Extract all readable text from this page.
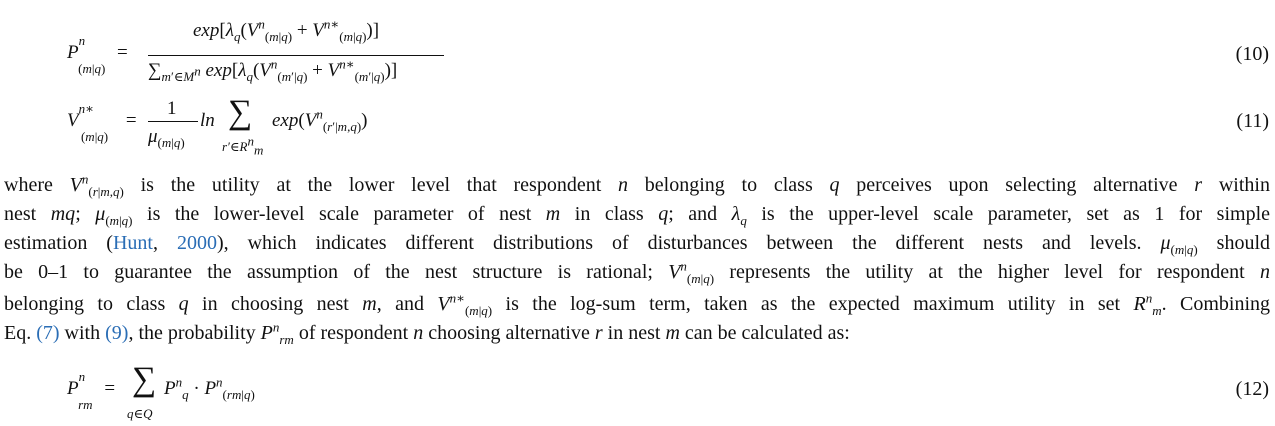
$P^n_{(m|q)}$ =
$\exp[\lambda_q(V^n_{(m|q)} + V^{n∗}_{(m|q)})]$
$\sum_{m'\in M^n}$ $\exp[\lambda_q(V^n_{(m'|q)} + V^{n∗}_{(m'|q)})]$
(10)
$V^{n∗}_{(m|q)}$ =
1
$\mu_{(m|q)}$
ln ∑
$r'\in R^n_m$
$\exp(V^n_{(r'|m,q)})$	(11)
where $V^n_{(r|m,q)}$ is the utility at the lower level that respondent n belonging to class q perceives upon selecting alternative r within
nest mq; $\mu_{(m|q)}$ is the lower-level scale parameter of nest m in class q; and $\lambda_q$ is the upper-level scale parameter, set as 1 for simple
estimation (Hunt, 2000), which indicates different distributions of disturbances between the different nests and levels. $\mu_{(m|q)}$ should
be 0–1 to guarantee the assumption of the nest structure is rational; $V^n_{(m|q)}$ represents the utility at the higher level for respondent n
belonging to class q in choosing nest m, and $V^{n∗}_{(m|q)}$ is the log-sum term, taken as the expected maximum utility in set $R^n_m$. Combining
Eq. (7) with (9), the probability $P^n_{rm}$ of respondent n choosing alternative r in nest m can be calculated as:
$P^n_{rm}$ = ∑
q∈Q
$P^n_q \cdot P^n_{(rm|q)}$	(12)
